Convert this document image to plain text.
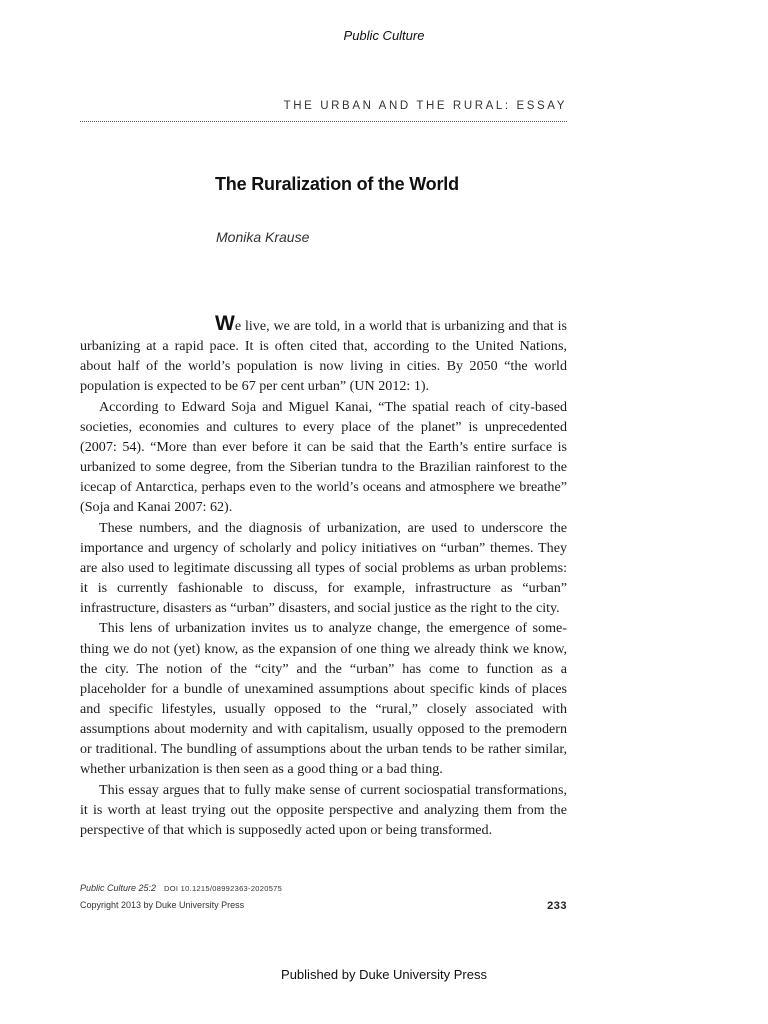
Public Culture
THE URBAN AND THE RURAL: ESSAY
The Ruralization of the World
Monika Krause

We live, we are told, in a world that is urbanizing and that is urbanizing at a rapid pace. It is often cited that, according to the United Nations, about half of the world’s population is now living in cities. By 2050 “the world population is expected to be 67 per cent urban” (UN 2012: 1).

According to Edward Soja and Miguel Kanai, “The spatial reach of city-based societies, economies and cultures to every place of the planet” is unprecedented (2007: 54). “More than ever before it can be said that the Earth’s entire surface is urbanized to some degree, from the Siberian tundra to the Brazilian rainforest to the icecap of Antarctica, perhaps even to the world’s oceans and atmosphere we breathe” (Soja and Kanai 2007: 62).

These numbers, and the diagnosis of urbanization, are used to underscore the importance and urgency of scholarly and policy initiatives on “urban” themes. They are also used to legitimate discussing all types of social problems as urban problems: it is currently fashionable to discuss, for example, infrastructure as “urban” infrastructure, disasters as “urban” disasters, and social justice as the right to the city.

This lens of urbanization invites us to analyze change, the emergence of something we do not (yet) know, as the expansion of one thing we already think we know, the city. The notion of the “city” and the “urban” has come to function as a placeholder for a bundle of unexamined assumptions about specific kinds of places and specific lifestyles, usually opposed to the “rural,” closely associated with assumptions about modernity and with capitalism, usually opposed to the premodern or traditional. The bundling of assumptions about the urban tends to be rather similar, whether urbanization is then seen as a good thing or a bad thing.

This essay argues that to fully make sense of current sociospatial transformations, it is worth at least trying out the opposite perspective and analyzing them from the perspective of that which is supposedly acted upon or being transformed.

Public Culture 25:2 DOI 10.1215/08992363-2020575
Copyright 2013 by Duke University Press	233
Published by Duke University Press
